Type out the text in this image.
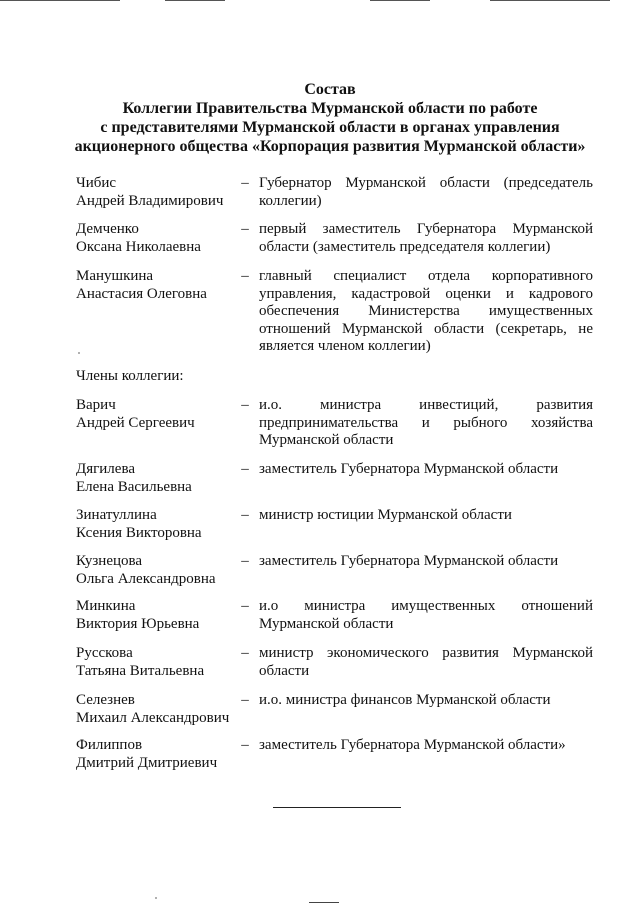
Состав
Коллегии Правительства Мурманской области по работе
с представителями Мурманской области в органах управления
акционерного общества «Корпорация развития Мурманской области»
Чибис
Андрей Владимирович
– Губернатор Мурманской области (председатель коллегии)
Демченко
Оксана Николаевна
– первый заместитель Губернатора Мурманской области (заместитель председателя коллегии)
Манушкина
Анастасия Олеговна
– главный специалист отдела корпоративного управления, кадастровой оценки и кадрового обеспечения Министерства имущественных отношений Мурманской области (секретарь, не является членом коллегии)
Члены коллегии:
Варич
Андрей Сергеевич
– и.о. министра инвестиций, развития предпринимательства и рыбного хозяйства Мурманской области
Дягилева
Елена Васильевна
– заместитель Губернатора Мурманской области
Зинатуллина
Ксения Викторовна
– министр юстиции Мурманской области
Кузнецова
Ольга Александровна
– заместитель Губернатора Мурманской области
Минкина
Виктория Юрьевна
– и.о министра имущественных отношений Мурманской области
Русскова
Татьяна Витальевна
– министр экономического развития Мурманской области
Селезнев
Михаил Александрович
– и.о. министра финансов Мурманской области
Филиппов
Дмитрий Дмитриевич
– заместитель Губернатора Мурманской области»
